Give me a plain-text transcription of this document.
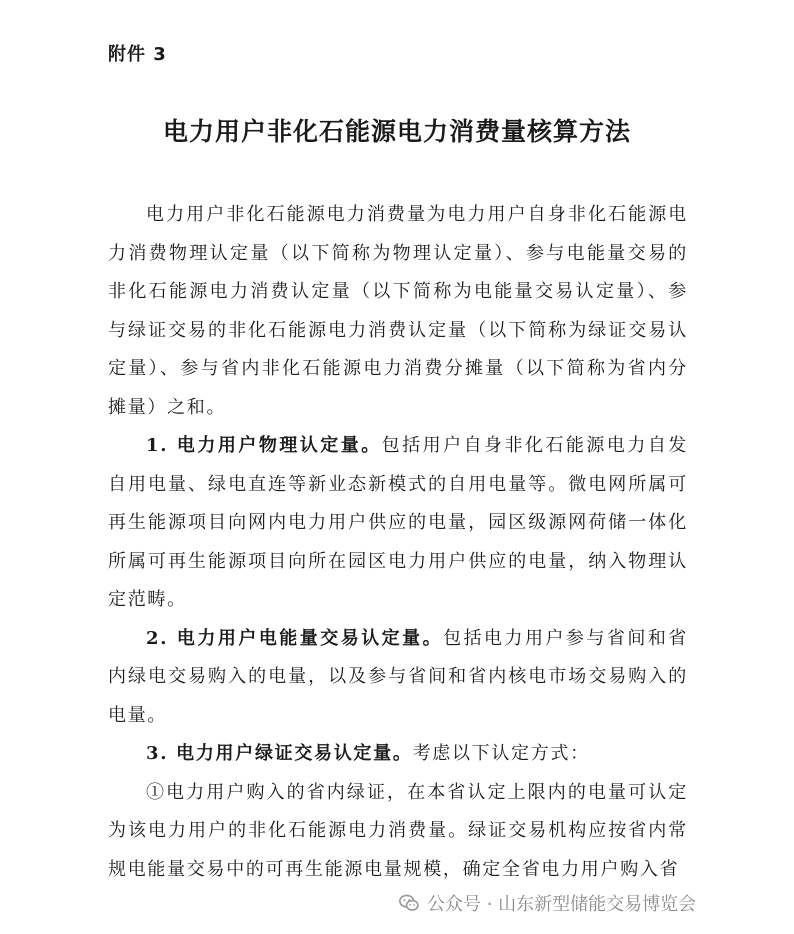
附件 3
电力用户非化石能源电力消费量核算方法

电力用户非化石能源电力消费量为电力用户自身非化石能源电力消费物理认定量（以下简称为物理认定量）、参与电能量交易的非化石能源电力消费认定量（以下简称为电能量交易认定量）、参与绿证交易的非化石能源电力消费认定量（以下简称为绿证交易认定量）、参与省内非化石能源电力消费分摊量（以下简称为省内分摊量）之和。

1. 电力用户物理认定量。包括用户自身非化石能源电力自发自用电量、绿电直连等新业态新模式的自用电量等。微电网所属可再生能源项目向网内电力用户供应的电量，园区级源网荷储一体化所属可再生能源项目向所在园区电力用户供应的电量，纳入物理认定范畴。

2. 电力用户电能量交易认定量。包括电力用户参与省间和省内绿电交易购入的电量，以及参与省间和省内核电市场交易购入的电量。

3. 电力用户绿证交易认定量。考虑以下认定方式：

①电力用户购入的省内绿证，在本省认定上限内的电量可认定为该电力用户的非化石能源电力消费量。绿证交易机构应按省内常规电能量交易中的可再生能源电量规模，确定全省电力用户购入省

公众号 · 山东新型储能交易博览会
